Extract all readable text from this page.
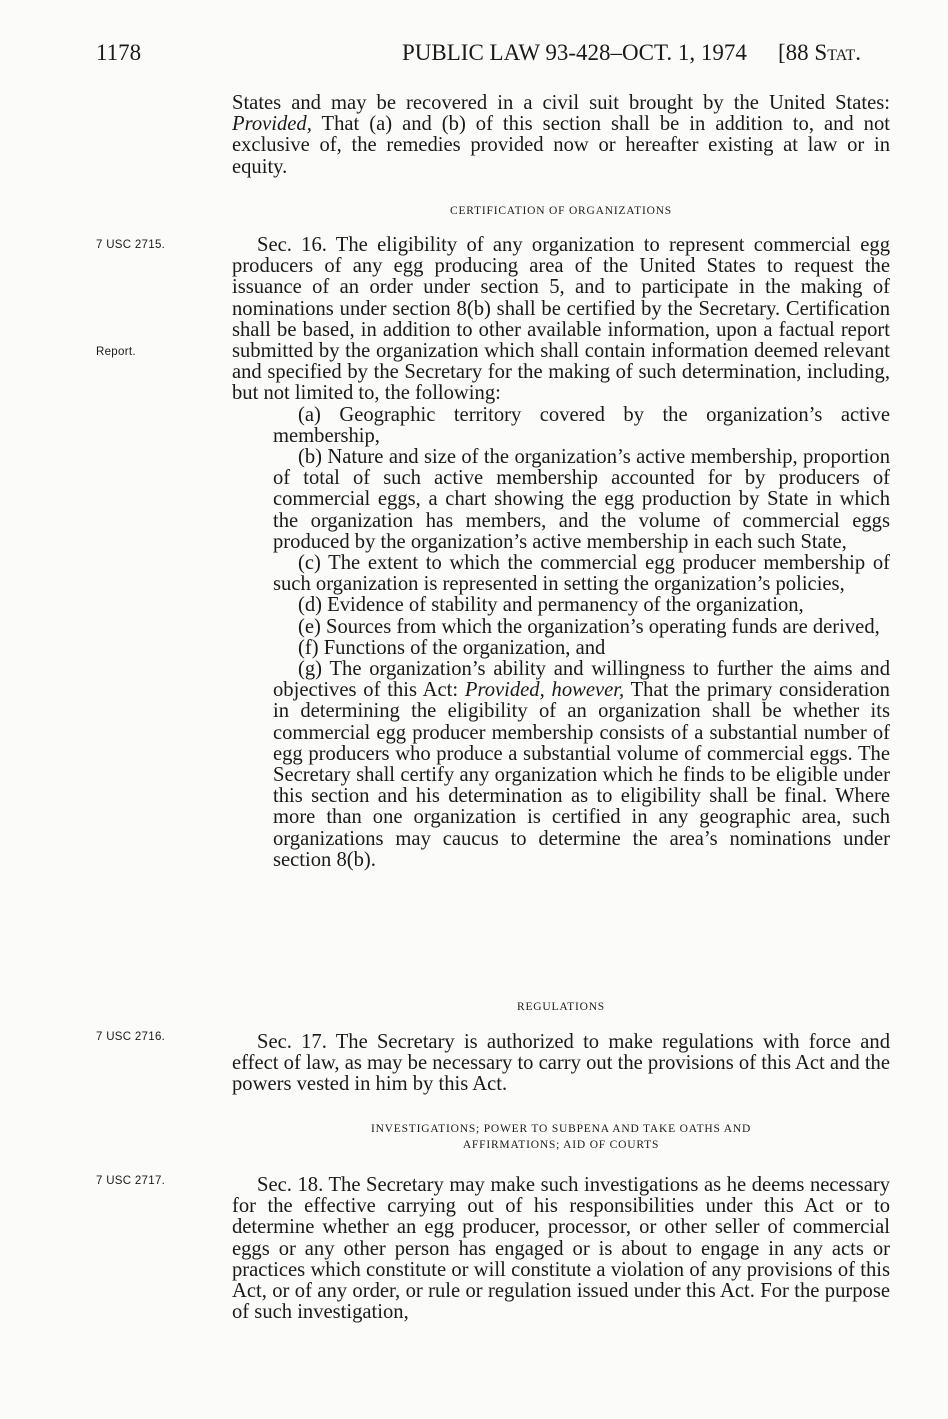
1178	PUBLIC LAW 93-428–OCT. 1, 1974 [88 Stat.

States and may be recovered in a civil suit brought by the United States: Provided, That (a) and (b) of this section shall be in addition to, and not exclusive of, the remedies provided now or hereafter existing at law or in equity.

CERTIFICATION OF ORGANIZATIONS
7 USC 2715.
Report.

Sec. 16. The eligibility of any organization to represent commercial egg producers of any egg producing area of the United States to request the issuance of an order under section 5, and to participate in the making of nominations under section 8(b) shall be certified by the Secretary. Certification shall be based, in addition to other available information, upon a factual report submitted by the organization which shall contain information deemed relevant and specified by the Secretary for the making of such determination, including, but not limited to, the following:

(a) Geographic territory covered by the organization’s active membership,

(b) Nature and size of the organization’s active membership, proportion of total of such active membership accounted for by producers of commercial eggs, a chart showing the egg production by State in which the organization has members, and the volume of commercial eggs produced by the organization’s active membership in each such State,

(c) The extent to which the commercial egg producer membership of such organization is represented in setting the organization’s policies,

(d) Evidence of stability and permanency of the organization,

(e) Sources from which the organization’s operating funds are derived,

(f) Functions of the organization, and

(g) The organization’s ability and willingness to further the aims and objectives of this Act: Provided, however, That the primary consideration in determining the eligibility of an organization shall be whether its commercial egg producer membership consists of a substantial number of egg producers who produce a substantial volume of commercial eggs. The Secretary shall certify any organization which he finds to be eligible under this section and his determination as to eligibility shall be final. Where more than one organization is certified in any geographic area, such organizations may caucus to determine the area’s nominations under section 8(b).

REGULATIONS
7 USC 2716.	Sec. 17. The Secretary is authorized to make regulations with force and effect of law, as may be necessary to carry out the provisions of this Act and the powers vested in him by this Act.

INVESTIGATIONS; POWER TO SUBPENA AND TAKE OATHS AND
AFFIRMATIONS; AID OF COURTS
7 USC 2717.	Sec. 18. The Secretary may make such investigations as he deems necessary for the effective carrying out of his responsibilities under this Act or to determine whether an egg producer, processor, or other seller of commercial eggs or any other person has engaged or is about to engage in any acts or practices which constitute or will constitute a violation of any provisions of this Act, or of any order, or rule or regulation issued under this Act. For the purpose of such investigation,
